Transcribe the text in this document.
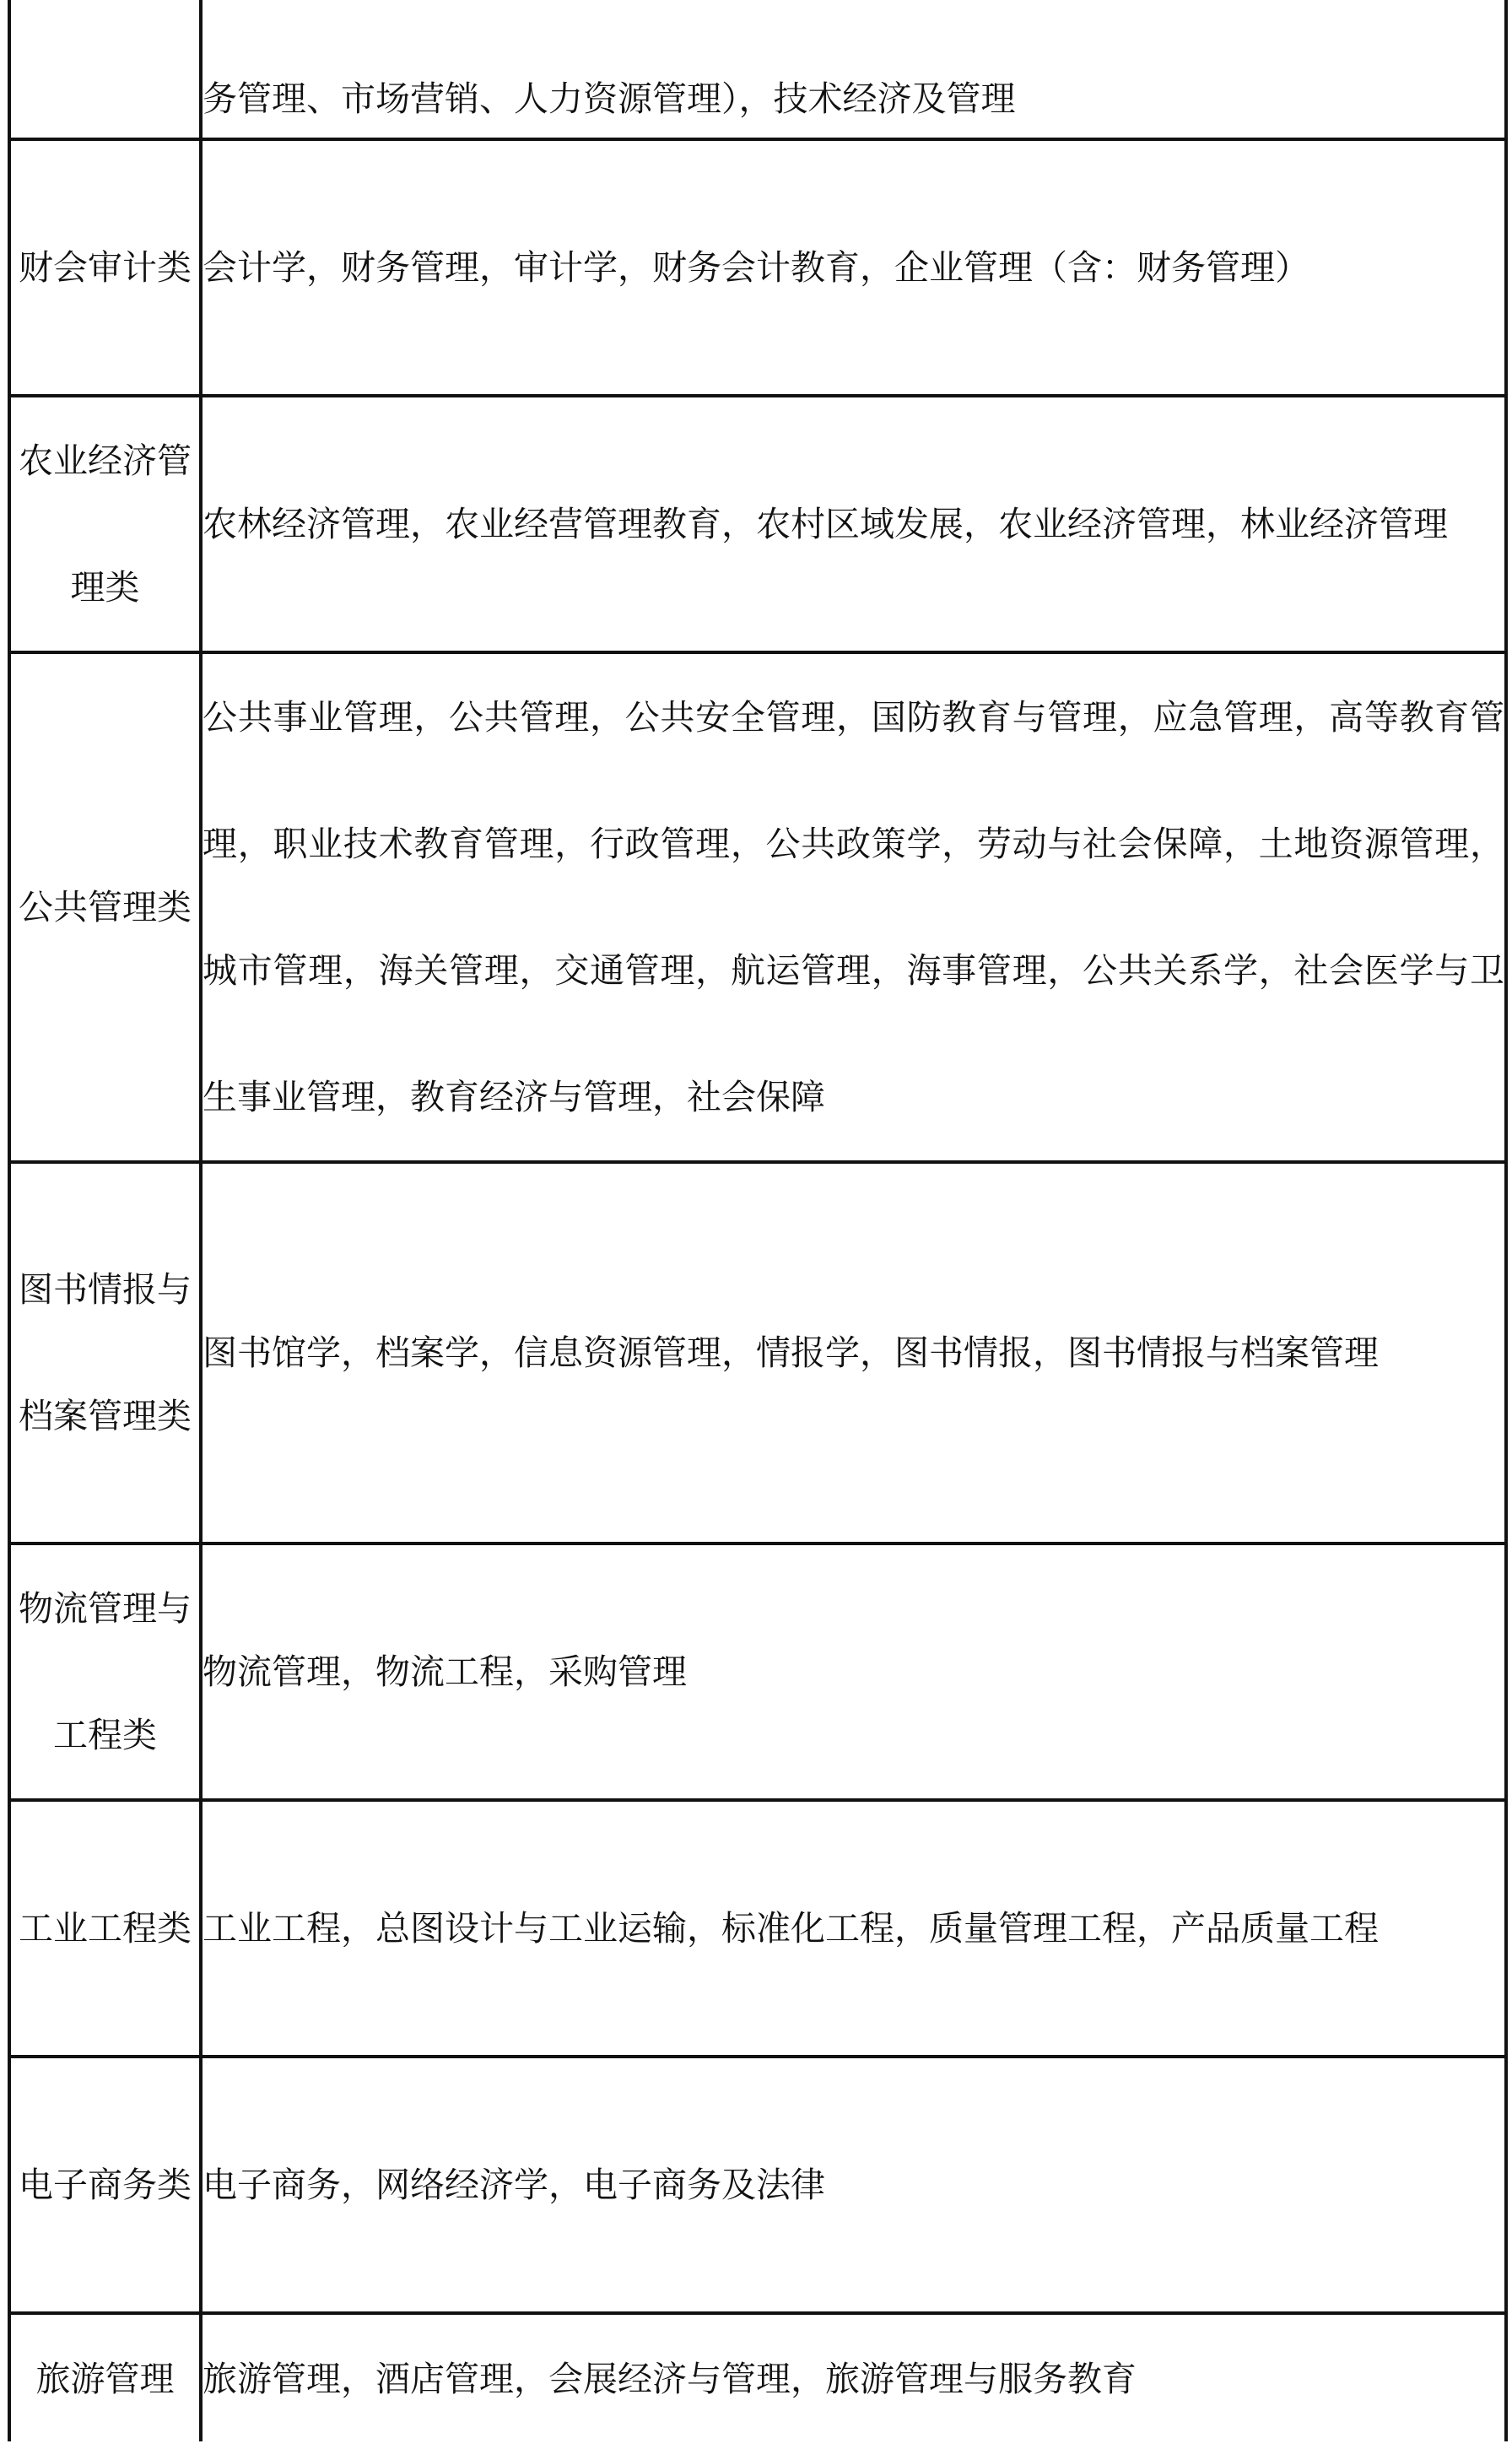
	务管理、市场营销、人力资源管理），技术经济及管理

财会审计类	会计学，财务管理，审计学，财务会计教育，企业管理（含：财务管理）

农业经济管理类	农林经济管理，农业经营管理教育，农村区域发展，农业经济管理，林业经济管理

公共管理类	公共事业管理，公共管理，公共安全管理，国防教育与管理，应急管理，高等教育管理，职业技术教育管理，行政管理，公共政策学，劳动与社会保障，土地资源管理，城市管理，海关管理，交通管理，航运管理，海事管理，公共关系学，社会医学与卫生事业管理，教育经济与管理，社会保障

图书情报与档案管理类	图书馆学，档案学，信息资源管理，情报学，图书情报，图书情报与档案管理

物流管理与工程类	物流管理，物流工程，采购管理

工业工程类	工业工程，总图设计与工业运输，标准化工程，质量管理工程，产品质量工程

电子商务类	电子商务，网络经济学，电子商务及法律

旅游管理	旅游管理，酒店管理，会展经济与管理，旅游管理与服务教育
